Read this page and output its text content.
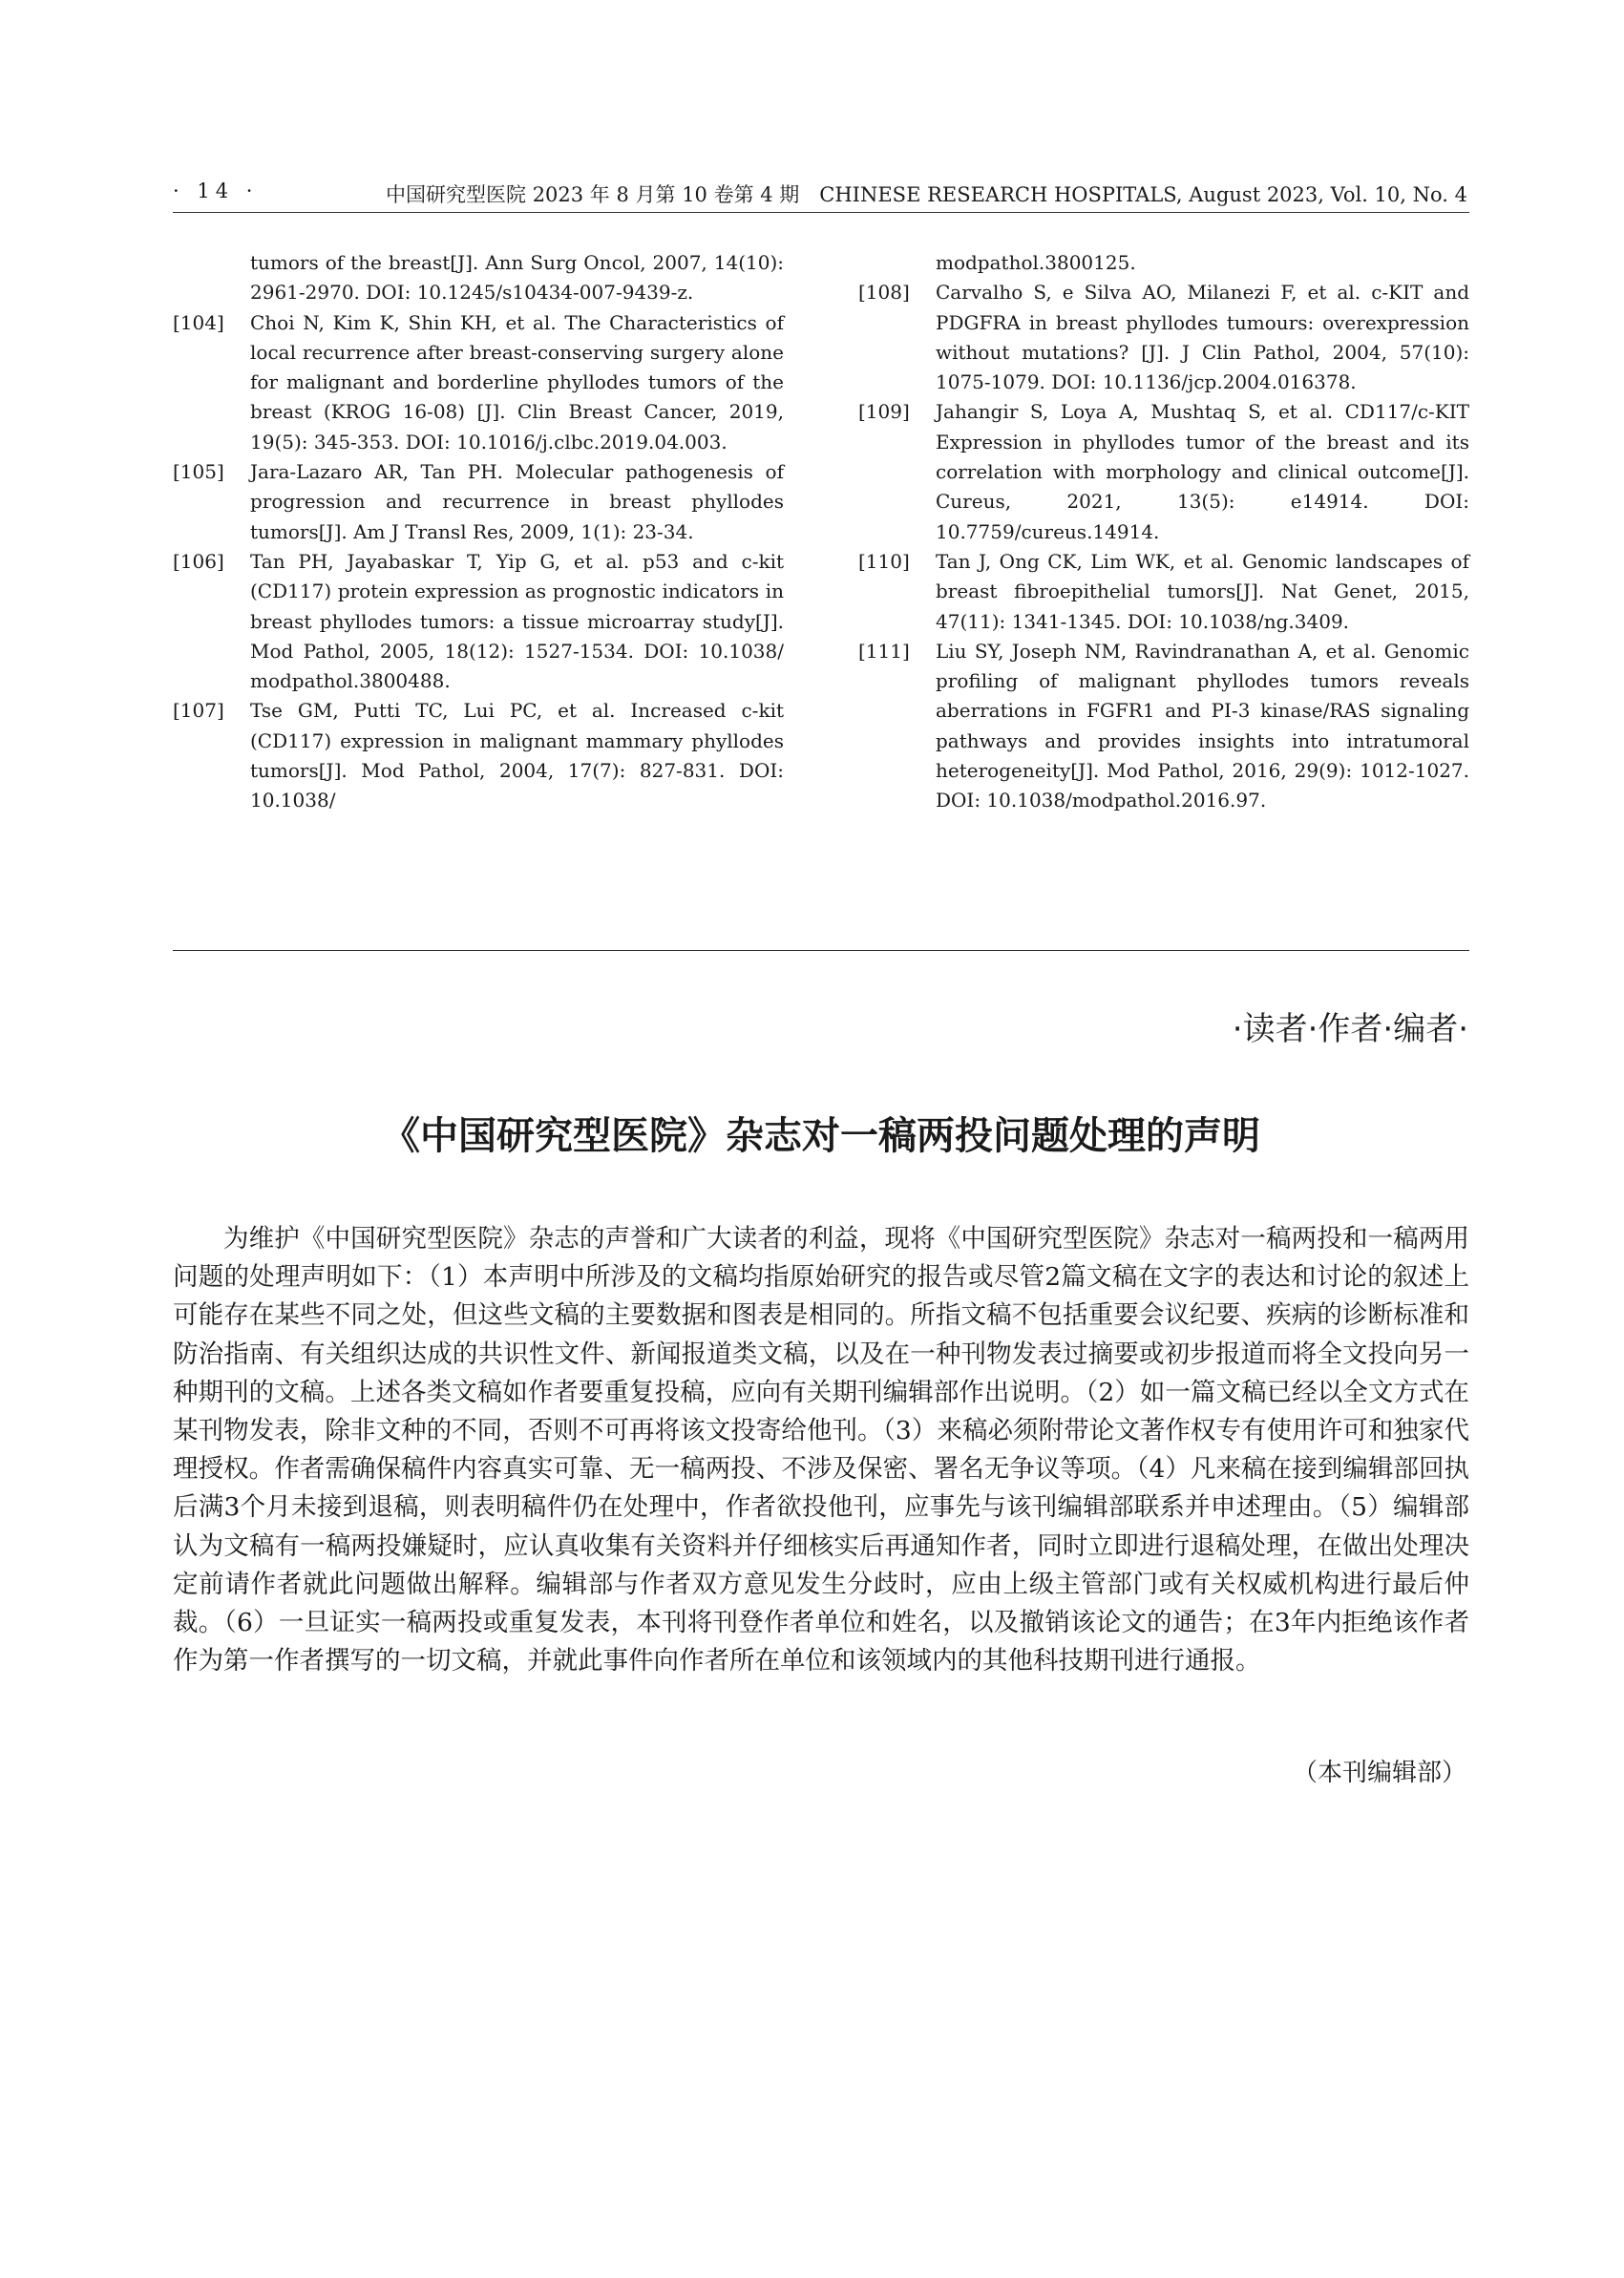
· 14 ·	中国研究型医院 2023 年 8 月第 10 卷第 4 期　CHINESE RESEARCH HOSPITALS, August 2023, Vol. 10, No. 4
tumors of the breast[J]. Ann Surg Oncol, 2007, 14(10): 2961-2970. DOI: 10.1245/s10434-007-9439-z.
[104] Choi N, Kim K, Shin KH, et al. The Characteristics of local recurrence after breast-conserving surgery alone for malignant and borderline phyllodes tumors of the breast (KROG 16-08) [J]. Clin Breast Cancer, 2019, 19(5): 345-353. DOI: 10.1016/j.clbc.2019.04.003.
[105] Jara-Lazaro AR, Tan PH. Molecular pathogenesis of progression and recurrence in breast phyllodes tumors[J]. Am J Transl Res, 2009, 1(1): 23-34.
[106] Tan PH, Jayabaskar T, Yip G, et al. p53 and c-kit (CD117) protein expression as prognostic indicators in breast phyllodes tumors: a tissue microarray study[J]. Mod Pathol, 2005, 18(12): 1527-1534. DOI: 10.1038/ modpathol.3800488.
[107] Tse GM, Putti TC, Lui PC, et al. Increased c-kit (CD117) expression in malignant mammary phyllodes tumors[J]. Mod Pathol, 2004, 17(7): 827-831. DOI: 10.1038/
modpathol.3800125.
[108] Carvalho S, e Silva AO, Milanezi F, et al. c-KIT and PDGFRA in breast phyllodes tumours: overexpression without mutations? [J]. J Clin Pathol, 2004, 57(10): 1075-1079. DOI: 10.1136/jcp.2004.016378.
[109] Jahangir S, Loya A, Mushtaq S, et al. CD117/c-KIT Expression in phyllodes tumor of the breast and its correlation with morphology and clinical outcome[J]. Cureus, 2021, 13(5): e14914. DOI: 10.7759/cureus.14914.
[110] Tan J, Ong CK, Lim WK, et al. Genomic landscapes of breast fibroepithelial tumors[J]. Nat Genet, 2015, 47(11): 1341-1345. DOI: 10.1038/ng.3409.
[111] Liu SY, Joseph NM, Ravindranathan A, et al. Genomic profiling of malignant phyllodes tumors reveals aberrations in FGFR1 and PI-3 kinase/RAS signaling pathways and provides insights into intratumoral heterogeneity[J]. Mod Pathol, 2016, 29(9): 1012-1027. DOI: 10.1038/modpathol.2016.97.
·读者·作者·编者·
《中国研究型医院》杂志对一稿两投问题处理的声明

为维护《中国研究型医院》杂志的声誉和广大读者的利益，现将《中国研究型医院》杂志对一稿两投和一稿两用问题的处理声明如下：（1）本声明中所涉及的文稿均指原始研究的报告或尽管2篇文稿在文字的表达和讨论的叙述上可能存在某些不同之处，但这些文稿的主要数据和图表是相同的。所指文稿不包括重要会议纪要、疾病的诊断标准和防治指南、有关组织达成的共识性文件、新闻报道类文稿，以及在一种刊物发表过摘要或初步报道而将全文投向另一种期刊的文稿。上述各类文稿如作者要重复投稿，应向有关期刊编辑部作出说明。（2）如一篇文稿已经以全文方式在某刊物发表，除非文种的不同，否则不可再将该文投寄给他刊。（3）来稿必须附带论文著作权专有使用许可和独家代理授权。作者需确保稿件内容真实可靠、无一稿两投、不涉及保密、署名无争议等项。（4）凡来稿在接到编辑部回执后满3个月未接到退稿，则表明稿件仍在处理中，作者欲投他刊，应事先与该刊编辑部联系并申述理由。（5）编辑部认为文稿有一稿两投嫌疑时，应认真收集有关资料并仔细核实后再通知作者，同时立即进行退稿处理，在做出处理决定前请作者就此问题做出解释。编辑部与作者双方意见发生分歧时，应由上级主管部门或有关权威机构进行最后仲裁。（6）一旦证实一稿两投或重复发表，本刊将刊登作者单位和姓名，以及撤销该论文的通告；在3年内拒绝该作者作为第一作者撰写的一切文稿，并就此事件向作者所在单位和该领域内的其他科技期刊进行通报。

（本刊编辑部）
